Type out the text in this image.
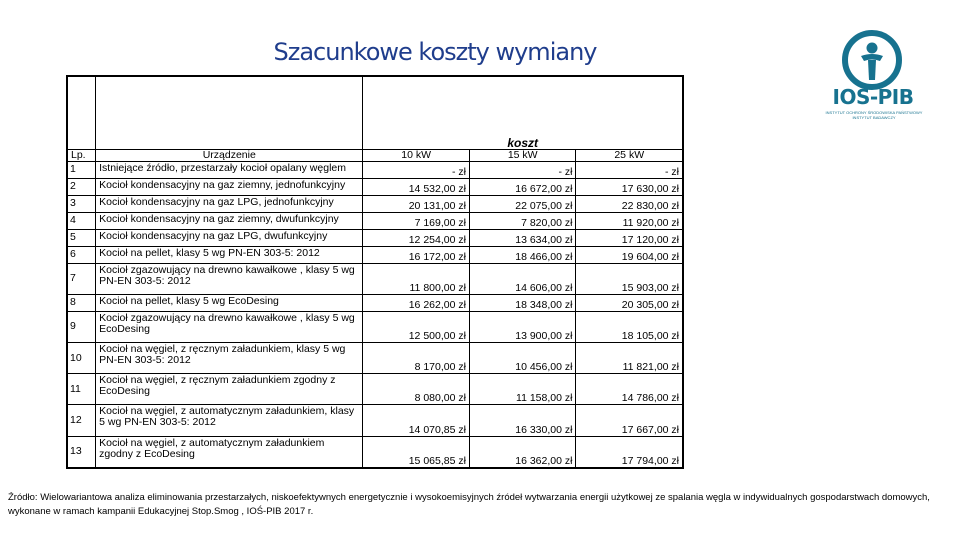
Szacunkowe koszty wymiany
IOŚ-PIB
INSTYTUT OCHRONY ŚRODOWISKA PAŃSTWOWY INSTYTUT BADAWCZY
		koszt		
Lp.	Urządzenie	10 kW	15 kW	25 kW
1	Istniejące źródło, przestarzały kocioł opalany węglem	- zł	- zł	- zł
2	Kocioł kondensacyjny na gaz ziemny, jednofunkcyjny	14 532,00 zł	16 672,00 zł	17 630,00 zł
3	Kocioł kondensacyjny na gaz LPG, jednofunkcyjny	20 131,00 zł	22 075,00 zł	22 830,00 zł
4	Kocioł kondensacyjny na gaz ziemny, dwufunkcyjny	7 169,00 zł	7 820,00 zł	11 920,00 zł
5	Kocioł kondensacyjny na gaz LPG, dwufunkcyjny	12 254,00 zł	13 634,00 zł	17 120,00 zł
6	Kocioł na pellet, klasy 5 wg PN-EN 303-5: 2012	16 172,00 zł	18 466,00 zł	19 604,00 zł
7	Kocioł zgazowujący na drewno kawałkowe , klasy 5 wg PN-EN 303-5: 2012	11 800,00 zł	14 606,00 zł	15 903,00 zł
8	Kocioł na pellet, klasy 5 wg EcoDesing	16 262,00 zł	18 348,00 zł	20 305,00 zł
9	Kocioł zgazowujący na drewno kawałkowe , klasy 5 wg EcoDesing	12 500,00 zł	13 900,00 zł	18 105,00 zł
10	Kocioł na węgiel, z ręcznym załadunkiem, klasy 5 wg PN-EN 303-5: 2012	8 170,00 zł	10 456,00 zł	11 821,00 zł
11	Kocioł na węgiel, z ręcznym załadunkiem zgodny z EcoDesing	8 080,00 zł	11 158,00 zł	14 786,00 zł
12	Kocioł na węgiel, z automatycznym załadunkiem, klasy 5 wg PN-EN 303-5: 2012	14 070,85 zł	16 330,00 zł	17 667,00 zł
13	Kocioł na węgiel, z automatycznym załadunkiem zgodny z EcoDesing	15 065,85 zł	16 362,00 zł	17 794,00 zł
Źródło: Wielowariantowa analiza eliminowania przestarzałych, niskoefektywnych energetycznie i wysokoemisyjnych źródeł wytwarzania energii użytkowej ze spalania węgla w indywidualnych gospodarstwach domowych, wykonane w ramach kampanii Edukacyjnej Stop.Smog , IOŚ-PIB 2017 r.
